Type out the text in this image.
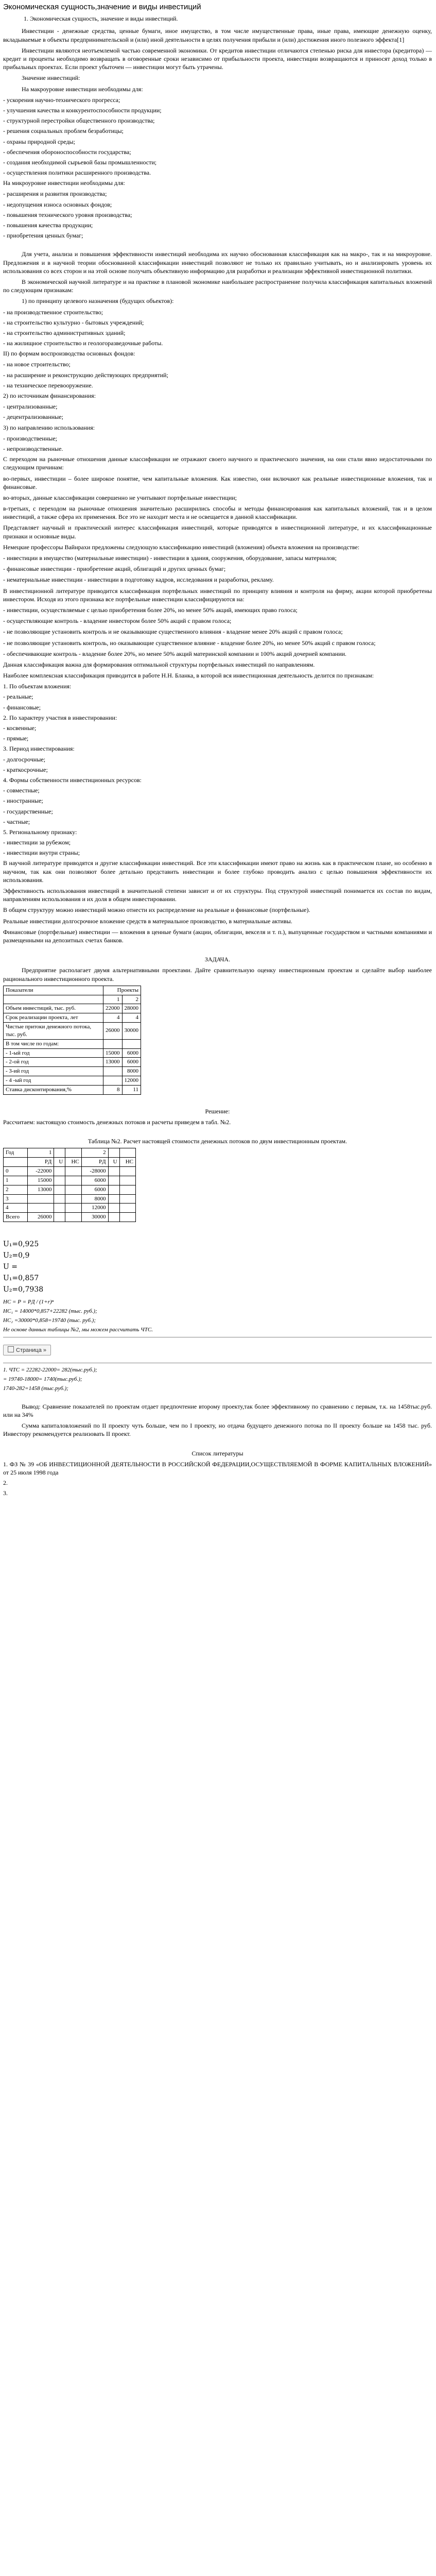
Экономическая сущность,значение и виды инвестиций
1. Экономическая сущность, значение и виды инвестиций.

Инвестиции - денежные средства, ценные бумаги, иное имущество, в том числе имущественные права, иные права, имеющие денежную оценку, вкладываемые в объекты предпринимательской и (или) иной деятельности в целях получения прибыли и (или) достижения иного полезного эффекта[1]

Инвестиции являются неотъемлемой частью современной экономики. От кредитов инвестиции отличаются степенью риска для инвестора (кредитора) — кредит и проценты необходимо возвращать в оговоренные сроки независимо от прибыльности проекта, инвестиции возвращаются и приносят доход только в прибыльных проектах. Если проект убыточен — инвестиции могут быть утрачены.

Значение инвестиций:

На макроуровне инвестиции необходимы для:

- ускорения научно-технического прогресса;

- улучшения качества и конкурентоспособности продукции;

- структурной перестройки общественного производства;

- решения социальных проблем безработицы;

- охраны природной среды;

- обеспечения обороноспособности государства;

- создания необходимой сырьевой базы промышленности;

- осуществления политики расширенного производства.

На микроуровне инвестиции необходимы для:

- расширения и развития производства;

- недопущения износа основных фондов;

- повышения технического уровня производства;

- повышения качества продукции;

- приобретения ценных бумаг;

Для учета, анализа и повышения эффективности инвестиций необходима их научно обоснованная классификация как на макро-, так и на микроуровне. Предложения и в научной теории обоснованной классификации инвестиций позволяют не только их правильно учитывать, но и анализировать уровень их использования со всех сторон и на этой основе получать объективную информацию для разработки и реализации эффективной инвестиционной политики.

В экономической научной литературе и на практике в плановой экономике наибольшее распространение получила классификация капитальных вложений по следующим признакам:

1) по принципу целевого назначения (будущих объектов):

- на производственное строительство;

- на строительство культурно - бытовых учреждений;

- на строительство административных зданий;

- на жилищное строительство и геологоразведочные работы.

II) по формам воспроизводства основных фондов:

- на новое строительство;

- на расширение и реконструкцию действующих предприятий;

- на техническое перевооружение.

2) по источникам финансирования:

- централизованные;

- децентрализованные;

3) по направлению использования:

- производственные;

- непроизводственные.

С переходом на рыночные отношения данные классификации не отражают своего научного и практического значения, на они стали явно недостаточными по следующим причинам:

во-первых, инвестиции – более широкое понятие, чем капитальные вложения. Как известно, они включают как реальные инвестиционные вложения, так и финансовые.

во-вторых, данные классификации совершенно не учитывают портфельные инвестиции;

в-третьих, с переходом на рыночные отношения значительно расширились способы и методы финансирования как капитальных вложений, так и в целом инвестиций, а также сфера их применения. Все это не находит места и не освещается в данной классификации.

Представляет научный и практический интерес классификация инвестиций, которые приводятся в инвестиционной литературе, и их классификационные признаки и основные виды.

Немецкие профессоры Вайнрахи предложены следующую классификацию инвестиций (вложения) объекта вложения на производстве:

- инвестиции в имущество (материальные инвестиции) - инвестиции в здания, сооружения, оборудование, запасы материалов;

- финансовые инвестиции - приобретение акций, облигаций и других ценных бумаг;

- нематериальные инвестиции - инвестиции в подготовку кадров, исследования и разработки, рекламу.

В инвестиционной литературе приводится классификация портфельных инвестиций по принципу влияния и контроля на фирму, акции которой приобретены инвестором. Исходя из этого признака все портфельные инвестиции классифицируются на:

- инвестиции, осуществляемые с целью приобретения более 20%, но менее 50% акций, имеющих право голоса;

- осуществляющие контроль - владение инвестором более 50% акций с правом голоса;

- не позволяющие установить контроль и не оказывающие существенного влияния - владение менее 20% акций с правом голоса;

- не позволяющие установить контроль, но оказывающие существенное влияние - владение более 20%, но менее 50% акций с правом голоса;

- обеспечивающие контроль - владение более 20%, но менее 50% акций материнской компании и 100% акций дочерней компании.

Данная классификация важна для формирования оптимальной структуры портфельных инвестиций по направлениям.

Наиболее комплексная классификация приводится в работе Н.Н. Бланка, в которой вся инвестиционная деятельность делится по признакам:

1. По объектам вложения:

- реальные;

- финансовые;

2. По характеру участия в инвестировании:

- косвенные;

- прямые;

3. Период инвестирования:

- долгосрочные;

- краткосрочные;

4. Формы собственности инвестиционных ресурсов:

- совместные;

- иностранные;

- государственные;

- частные;

5. Региональному признаку:

- инвестиции за рубежом;

- инвестиции внутри страны;

В научной литературе приводятся и другие классификации инвестиций. Все эти классификации имеют право на жизнь как в практическом плане, но особенно в научном, так как они позволяют более детально представить инвестиции и более глубоко проводить анализ с целью повышения эффективности их использования.

Эффективность использования инвестиций в значительной степени зависит и от их структуры. Под структурой инвестиций понимается их состав по видам, направлениям использования и их доля в общем инвестировании.

В общем структуру можно инвестиций можно отнести их распределение на реальные и финансовые (портфельные).

Реальные инвестиции долгосрочное вложение средств в материальное производство, в материальные активы.

Финансовые (портфельные) инвестиции — вложения в ценные бумаги (акции, облигации, векселя и т. п.), выпущенные государством и частными компаниями и размещенными на депозитных счетах банков.

ЗАДАЧА.

Предприятие располагает двумя альтернативными проектами. Дайте сравнительную оценку инвестиционным проектам и сделайте выбор наиболее рационального инвестиционного проекта.

Показатели	Проекты	
	1	2
Объем инвестиций, тыс. руб.	22000	28000
Срок реализации проекта, лет	4	4
Чистые притоки денежного потока, тыс. руб.	26000	30000
В том числе по годам:		
- 1-ый год	15000	6000
- 2-ой год	13000	6000
- 3-ий год		8000
- 4 -ый год		12000
Ставка дисконтирования,%	8	11

Решение:

Рассчитаем: настоящую стоимость денежных потоков и расчеты приведем в табл. №2.

Таблица №2. Расчет настоящей стоимости денежных потоков по двум инвестиционным проектам.

Год	1			2		
	PД	U	НС	PД	U	НС
0	-22000			-28000		
1	15000			6000		
2	13000			6000		
3				8000		
4				12000		
Всего	26000			30000		
U₁=0,925
U₂=0,9
U =
U₁=0,857
U₂=0,7938

НС = Р = PД / (1+r)ⁿ

НС₁ = 14000*0,857+22282 (тыс. руб.);

НС₂ =30000*0,858=19740 (тыс. руб.);

Не основе данных таблицы №2, мы можем рассчитать ЧТС.

Страница »

1. ЧТС = 22282-22000= 282(тыс.руб.);

= 19740-18000= 1740(тыс.руб.);

1740-282=1458 (тыс.руб.);

Вывод: Сравнение показателей по проектам отдает предпочтение второму проекту,так более эффективному по сравнению с первым, т.к. на 1458тыс.руб. или на 34%

Сумма капиталовложений по II проекту чуть больше, чем по I проекту, но отдача будущего денежного потока по II проекту больше на 1458 тыс. руб. Инвестору рекомендуется реализовать II проект.

Список литературы

1. ФЗ № 39 «ОБ ИНВЕСТИЦИОННОЙ ДЕЯТЕЛЬНОСТИ В РОССИЙСКОЙ ФЕДЕРАЦИИ,ОСУЩЕСТВЛЯЕМОЙ В ФОРМЕ КАПИТАЛЬНЫХ ВЛОЖЕНИЙ» от 25 июля 1998 года

2.

3.
